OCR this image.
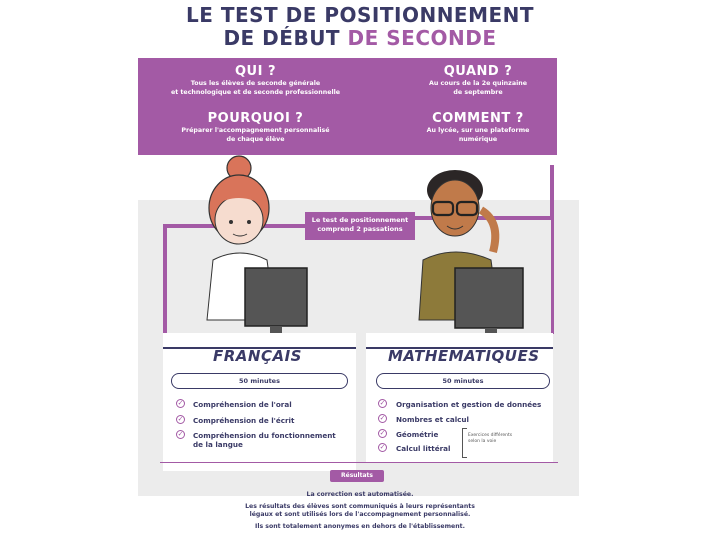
LE TEST DE POSITIONNEMENT
DE DÉBUT DE SECONDE
QUI ?
Tous les élèves de seconde générale
et technologique et de seconde professionnelle
QUAND ?
Au cours de la 2e quinzaine
de septembre
POURQUOI ?
Préparer l'accompagnement personnalisé
de chaque élève
COMMENT ?
Au lycée, sur une plateforme
numérique
Le test de positionnement
comprend 2 passations
FRANÇAIS
50 minutes
✓ Compréhension de l'oral
✓ Compréhension de l'écrit
✓ Compréhension du fonctionnement
de la langue
MATHÉMATIQUES
50 minutes
✓ Organisation et gestion de données
✓ Nombres et calcul
✓ Géométrie
✓ Calcul littéral
Exercices différents
selon la voie
Résultats
La correction est automatisée.
Les résultats des élèves sont communiqués à leurs représentants
légaux et sont utilisés lors de l'accompagnement personnalisé.
Ils sont totalement anonymes en dehors de l'établissement.
